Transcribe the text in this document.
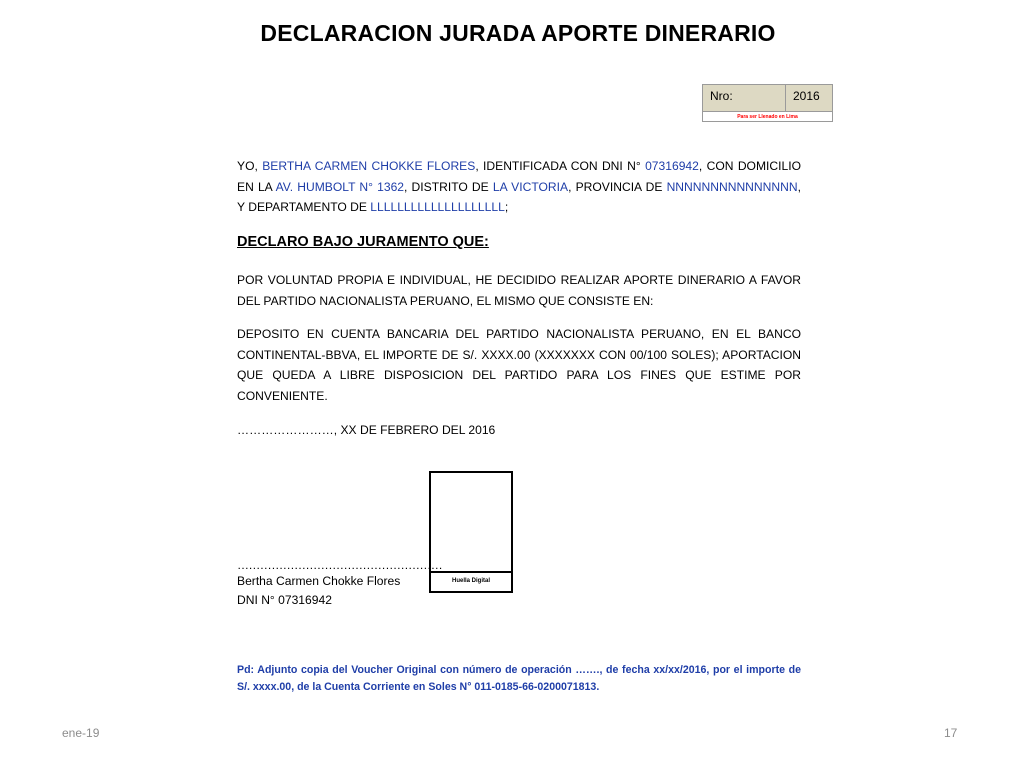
DECLARACION JURADA APORTE DINERARIO
Nro:	2016
Para ser Llenado en Lima
YO, BERTHA CARMEN CHOKKE FLORES, IDENTIFICADA CON DNI N° 07316942, CON DOMICILIO EN LA AV. HUMBOLT N° 1362, DISTRITO DE LA VICTORIA, PROVINCIA DE NNNNNNNNNNNNNNN, Y DEPARTAMENTO DE LLLLLLLLLLLLLLLLLLLL;
DECLARO BAJO JURAMENTO QUE:
POR VOLUNTAD PROPIA E INDIVIDUAL, HE DECIDIDO REALIZAR APORTE DINERARIO A FAVOR DEL PARTIDO NACIONALISTA PERUANO, EL MISMO QUE CONSISTE EN:
DEPOSITO EN CUENTA BANCARIA DEL PARTIDO NACIONALISTA PERUANO, EN EL BANCO CONTINENTAL-BBVA, EL IMPORTE DE S/. XXXX.00 (XXXXXXX CON 00/100 SOLES); APORTACION QUE QUEDA A LIBRE DISPOSICION DEL PARTIDO PARA LOS FINES QUE ESTIME POR CONVENIENTE.
……………………, XX DE FEBRERO DEL 2016
Huella Digital
………………………………………………
Bertha Carmen Chokke Flores
DNI N° 07316942
Pd: Adjunto copia del Voucher Original con número de operación ……., de fecha xx/xx/2016, por el importe de S/. xxxx.00, de la Cuenta Corriente en Soles N° 011-0185-66-0200071813.
ene-19	17
